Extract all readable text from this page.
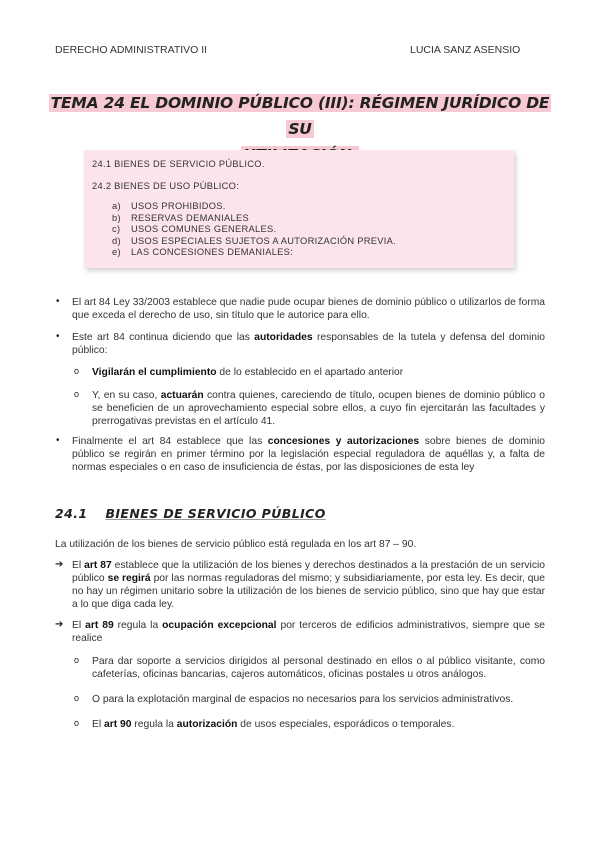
DERECHO ADMINISTRATIVO II	LUCIA SANZ ASENSIO
TEMA 24 EL DOMINIO PÚBLICO (III): RÉGIMEN JURÍDICO DE SU

24.1 BIENES DE SERVICIO PÚBLICO.
24.2 BIENES DE USO PÚBLICO:
a) USOS PROHIBIDOS.
b) RESERVAS DEMANIALES
c) USOS COMUNES GENERALES.
d) USOS ESPECIALES SUJETOS A AUTORIZACIÓN PREVIA.
e) LAS CONCESIONES DEMANIALES:
• El art 84 Ley 33/2003 establece que nadie pude ocupar bienes de dominio público o utilizarlos de forma que exceda el derecho de uso, sin título que le autorice para ello.
• Este art 84 continua diciendo que las autoridades responsables de la tutela y defensa del dominio público:
o Vigilarán el cumplimiento de lo establecido en el apartado anterior
o Y, en su caso, actuarán contra quienes, careciendo de título, ocupen bienes de dominio público o se beneficien de un aprovechamiento especial sobre ellos, a cuyo fin ejercitarán las facultades y prerrogativas previstas en el artículo 41.
• Finalmente el art 84 establece que las concesiones y autorizaciones sobre bienes de dominio público se regirán en primer término por la legislación especial reguladora de aquéllas y, a falta de normas especiales o en caso de insuficiencia de éstas, por las disposiciones de esta ley
24.1 BIENES DE SERVICIO PÚBLICO
La utilización de los bienes de servicio público está regulada en los art 87 – 90.
➔ El art 87 establece que la utilización de los bienes y derechos destinados a la prestación de un servicio público se regirá por las normas reguladoras del mismo; y subsidiariamente, por esta ley. Es decir, que no hay un régimen unitario sobre la utilización de los bienes de servicio público, sino que hay que estar a lo que diga cada ley.
➔ El art 89 regula la ocupación excepcional por terceros de edificios administrativos, siempre que se realice
o Para dar soporte a servicios dirigidos al personal destinado en ellos o al público visitante, como cafeterías, oficinas bancarias, cajeros automáticos, oficinas postales u otros análogos.
o O para la explotación marginal de espacios no necesarios para los servicios administrativos.
o El art 90 regula la autorización de usos especiales, esporádicos o temporales.
